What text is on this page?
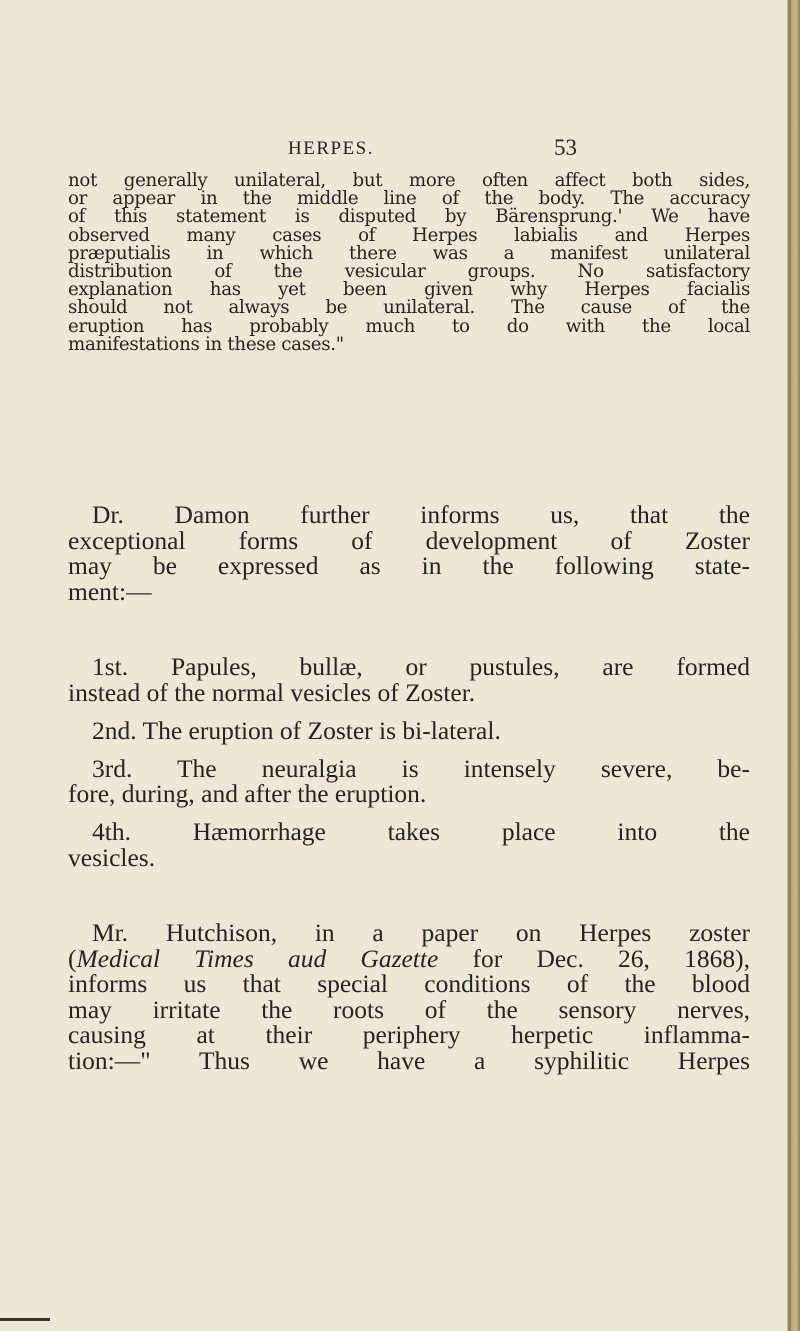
HERPES.	53
not generally unilateral, but more often affect both sides,
or appear in the middle line of the body. The accuracy
of this statement is disputed by Bärensprung.' We have
observed many cases of Herpes labialis and Herpes
præputialis in which there was a manifest unilateral
distribution of the vesicular groups. No satisfactory
explanation has yet been given why Herpes facialis
should not always be unilateral. The cause of the
eruption has probably much to do with the local
manifestations in these cases."
Dr. Damon further informs us, that the
exceptional forms of development of Zoster
may be expressed as in the following state-
ment:—
1st. Papules, bullæ, or pustules, are formed
instead of the normal vesicles of Zoster.
2nd. The eruption of Zoster is bi-lateral.
3rd. The neuralgia is intensely severe, be-
fore, during, and after the eruption.
4th. Hæmorrhage takes place into the
vesicles.
Mr. Hutchison, in a paper on Herpes zoster
(Medical Times aud Gazette for Dec. 26, 1868),
informs us that special conditions of the blood
may irritate the roots of the sensory nerves,
causing at their periphery herpetic inflamma-
tion:—" Thus we have a syphilitic Herpes
